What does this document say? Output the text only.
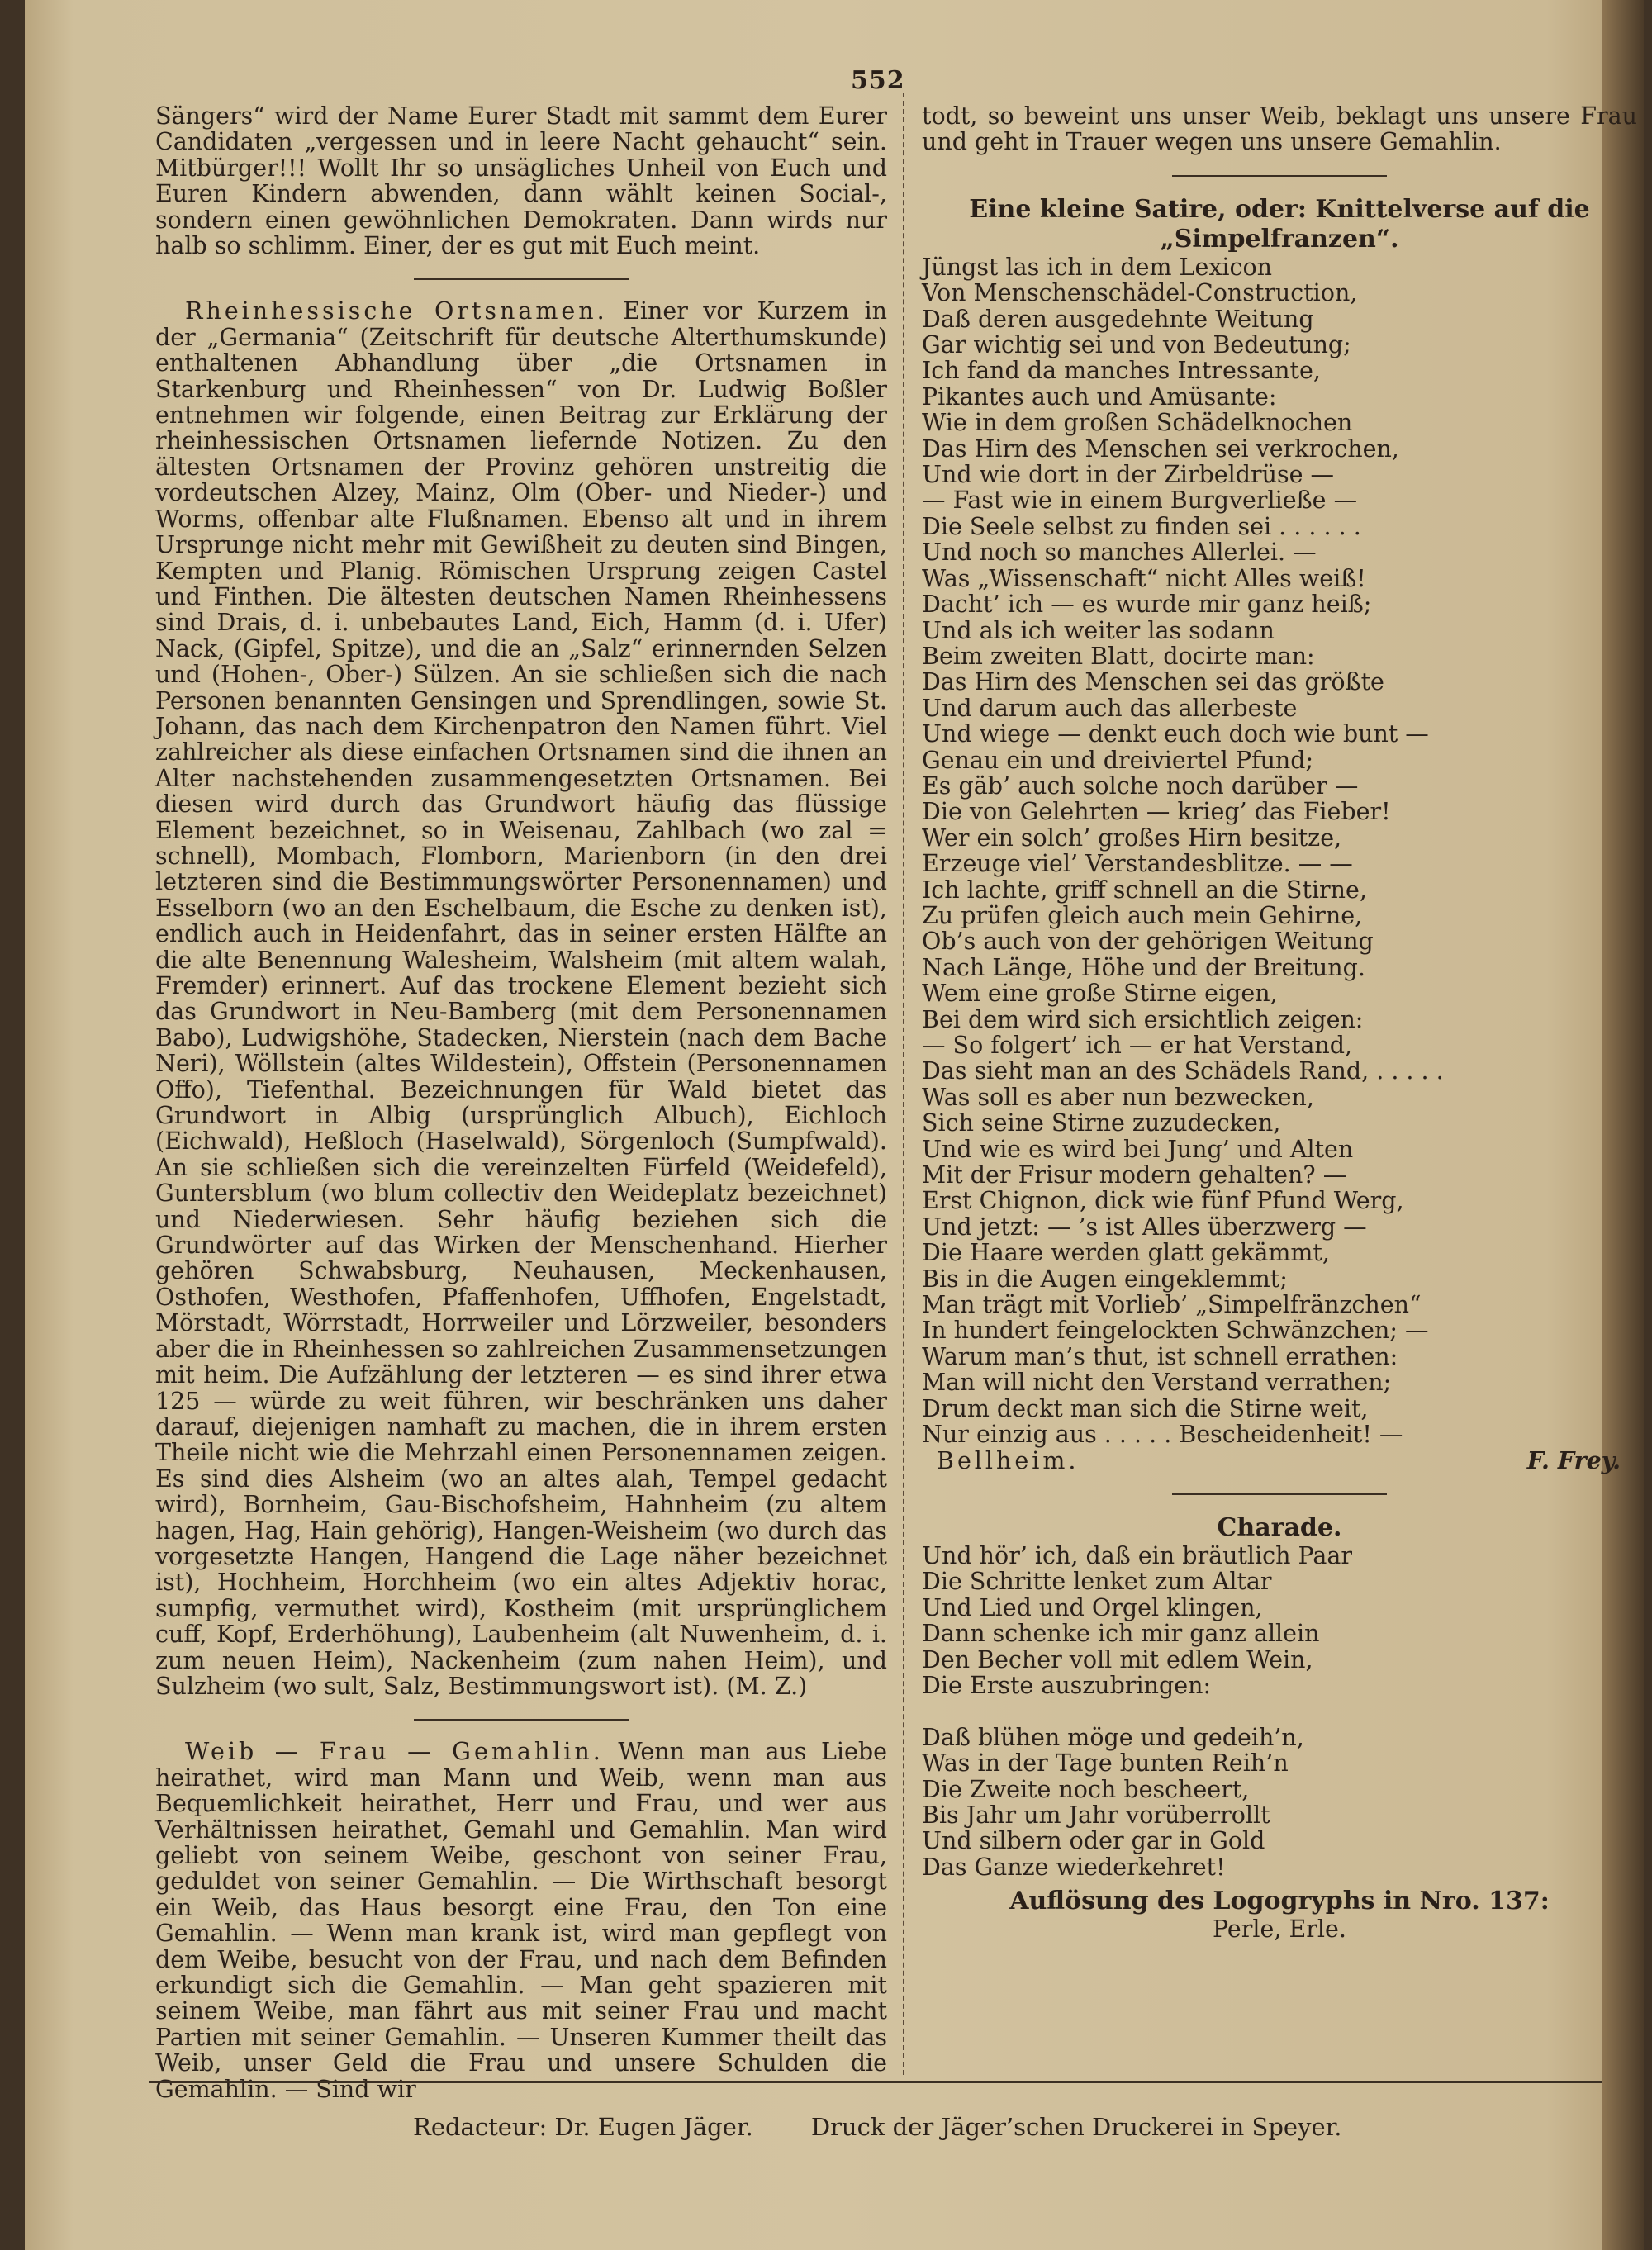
552

Sängers“ wird der Name Eurer Stadt mit sammt dem Eurer Candidaten „vergessen und in leere Nacht gehaucht“ sein. Mitbürger!!! Wollt Ihr so unsägliches Unheil von Euch und Euren Kindern abwenden, dann wählt keinen Social-, sondern einen gewöhnlichen Demokraten. Dann wirds nur halb so schlimm. Einer, der es gut mit Euch meint.

Rheinhessische Ortsnamen. Einer vor Kurzem in der „Germania“ (Zeitschrift für deutsche Alterthumskunde) enthaltenen Abhandlung über „die Ortsnamen in Starkenburg und Rheinhessen“ von Dr. Ludwig Boßler entnehmen wir folgende, einen Beitrag zur Erklärung der rheinhessischen Ortsnamen liefernde Notizen. Zu den ältesten Ortsnamen der Provinz gehören unstreitig die vordeutschen Alzey, Mainz, Olm (Ober- und Nieder-) und Worms, offenbar alte Flußnamen. Ebenso alt und in ihrem Ursprunge nicht mehr mit Gewißheit zu deuten sind Bingen, Kempten und Planig. Römischen Ursprung zeigen Castel und Finthen. Die ältesten deutschen Namen Rheinhessens sind Drais, d. i. unbebautes Land, Eich, Hamm (d. i. Ufer) Nack, (Gipfel, Spitze), und die an „Salz“ erinnernden Selzen und (Hohen-, Ober-) Sülzen. An sie schließen sich die nach Personen benannten Gensingen und Sprendlingen, sowie St. Johann, das nach dem Kirchenpatron den Namen führt. Viel zahlreicher als diese einfachen Ortsnamen sind die ihnen an Alter nachstehenden zusammengesetzten Ortsnamen. Bei diesen wird durch das Grundwort häufig das flüssige Element bezeichnet, so in Weisenau, Zahlbach (wo zal = schnell), Mombach, Flomborn, Marienborn (in den drei letzteren sind die Bestimmungswörter Personennamen) und Esselborn (wo an den Eschelbaum, die Esche zu denken ist), endlich auch in Heidenfahrt, das in seiner ersten Hälfte an die alte Benennung Walesheim, Walsheim (mit altem walah, Fremder) erinnert. Auf das trockene Element bezieht sich das Grundwort in Neu-Bamberg (mit dem Personennamen Babo), Ludwigshöhe, Stadecken, Nierstein (nach dem Bache Neri), Wöllstein (altes Wildestein), Offstein (Personennamen Offo), Tiefenthal. Bezeichnungen für Wald bietet das Grundwort in Albig (ursprünglich Albuch), Eichloch (Eichwald), Heßloch (Haselwald), Sörgenloch (Sumpfwald). An sie schließen sich die vereinzelten Fürfeld (Weidefeld), Guntersblum (wo blum collectiv den Weideplatz bezeichnet) und Niederwiesen. Sehr häufig beziehen sich die Grundwörter auf das Wirken der Menschenhand. Hierher gehören Schwabsburg, Neuhausen, Meckenhausen, Osthofen, Westhofen, Pfaffenhofen, Uffhofen, Engelstadt, Mörstadt, Wörrstadt, Horrweiler und Lörzweiler, besonders aber die in Rheinhessen so zahlreichen Zusammensetzungen mit heim. Die Aufzählung der letzteren — es sind ihrer etwa 125 — würde zu weit führen, wir beschränken uns daher darauf, diejenigen namhaft zu machen, die in ihrem ersten Theile nicht wie die Mehrzahl einen Personennamen zeigen. Es sind dies Alsheim (wo an altes alah, Tempel gedacht wird), Bornheim, Gau-Bischofsheim, Hahnheim (zu altem hagen, Hag, Hain gehörig), Hangen-Weisheim (wo durch das vorgesetzte Hangen, Hangend die Lage näher bezeichnet ist), Hochheim, Horchheim (wo ein altes Adjektiv horac, sumpfig, vermuthet wird), Kostheim (mit ursprünglichem cuff, Kopf, Erderhöhung), Laubenheim (alt Nuwenheim, d. i. zum neuen Heim), Nackenheim (zum nahen Heim), und Sulzheim (wo sult, Salz, Bestimmungswort ist). (M. Z.)

Weib — Frau — Gemahlin. Wenn man aus Liebe heirathet, wird man Mann und Weib, wenn man aus Bequemlichkeit heirathet, Herr und Frau, und wer aus Verhältnissen heirathet, Gemahl und Gemahlin. Man wird geliebt von seinem Weibe, geschont von seiner Frau, geduldet von seiner Gemahlin. — Die Wirthschaft besorgt ein Weib, das Haus besorgt eine Frau, den Ton eine Gemahlin. — Wenn man krank ist, wird man gepflegt von dem Weibe, besucht von der Frau, und nach dem Befinden erkundigt sich die Gemahlin. — Man geht spazieren mit seinem Weibe, man fährt aus mit seiner Frau und macht Partien mit seiner Gemahlin. — Unseren Kummer theilt das Weib, unser Geld die Frau und unsere Schulden die Gemahlin. — Sind wir

todt, so beweint uns unser Weib, beklagt uns unsere Frau und geht in Trauer wegen uns unsere Gemahlin.

Eine kleine Satire, oder: Knittelverse auf die „Simpelfranzen“.

Jüngst las ich in dem Lexicon
Von Menschenschädel-Construction,
Daß deren ausgedehnte Weitung
Gar wichtig sei und von Bedeutung;
Ich fand da manches Intressante,
Pikantes auch und Amüsante:
Wie in dem großen Schädelknochen
Das Hirn des Menschen sei verkrochen,
Und wie dort in der Zirbeldrüse —
— Fast wie in einem Burgverließe —
Die Seele selbst zu finden sei . . . . . .
Und noch so manches Allerlei. —
Was „Wissenschaft“ nicht Alles weiß!
Dacht’ ich — es wurde mir ganz heiß;
Und als ich weiter las sodann
Beim zweiten Blatt, docirte man:
Das Hirn des Menschen sei das größte
Und darum auch das allerbeste
Und wiege — denkt euch doch wie bunt —
Genau ein und dreiviertel Pfund;
Es gäb’ auch solche noch darüber —
Die von Gelehrten — krieg’ das Fieber!
Wer ein solch’ großes Hirn besitze,
Erzeuge viel’ Verstandesblitze. — —
Ich lachte, griff schnell an die Stirne,
Zu prüfen gleich auch mein Gehirne,
Ob’s auch von der gehörigen Weitung
Nach Länge, Höhe und der Breitung.
Wem eine große Stirne eigen,
Bei dem wird sich ersichtlich zeigen:
— So folgert’ ich — er hat Verstand,
Das sieht man an des Schädels Rand, . . . . .
Was soll es aber nun bezwecken,
Sich seine Stirne zuzudecken,
Und wie es wird bei Jung’ und Alten
Mit der Frisur modern gehalten? —
Erst Chignon, dick wie fünf Pfund Werg,
Und jetzt: — ’s ist Alles überzwerg —
Die Haare werden glatt gekämmt,
Bis in die Augen eingeklemmt;
Man trägt mit Vorlieb’ „Simpelfränzchen“
In hundert feingelockten Schwänzchen; —
Warum man’s thut, ist schnell errathen:
Man will nicht den Verstand verrathen;
Drum deckt man sich die Stirne weit,
Nur einzig aus . . . . . Bescheidenheit! —

Bellheim.	F. Frey.

Charade.

Und hör’ ich, daß ein bräutlich Paar
Die Schritte lenket zum Altar
Und Lied und Orgel klingen,
Dann schenke ich mir ganz allein
Den Becher voll mit edlem Wein,
Die Erste auszubringen:

Daß blühen möge und gedeih’n,
Was in der Tage bunten Reih’n
Die Zweite noch bescheert,
Bis Jahr um Jahr vorüberrollt
Und silbern oder gar in Gold
Das Ganze wiederkehret!

Auflösung des Logogryphs in Nro. 137:

Perle, Erle.

Redacteur: Dr. Eugen Jäger. Druck der Jäger’schen Druckerei in Speyer.
